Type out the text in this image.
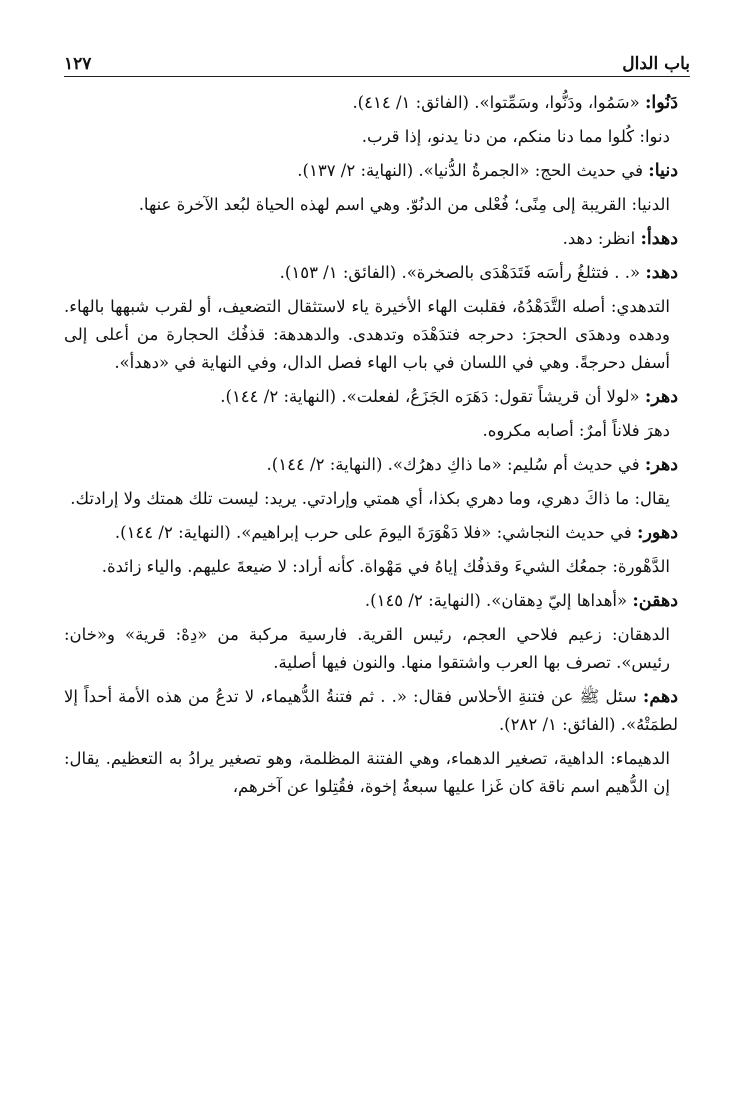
باب الدال
١٢٧

دَنُوا: «سَمُوا، ودَنُّوا، وسَمِّتوا». (الفائق: ١/ ٤١٤).

دنوا: كُلوا مما دنا منكم، من دنا يدنو، إذا قرب.

دنيا: في حديث الحج: «الجمرةُ الدُّنيا». (النهاية: ٢/ ١٣٧).

الدنيا: القريبة إلى مِنًى؛ فُعْلى من الدنُوّ. وهي اسم لهذه الحياة لبُعد الآخرة عنها.

دهدأ: انظر: دهد.

دهد: «. . فتثلغُ رأسَه فَتَدَهْدَى بالصخرة». (الفائق: ١/ ١٥٣).

التدهدي: أصله التَّدَهْدُهُ، فقلبت الهاء الأخيرة ياء لاستثقال التضعيف، أو لقرب شبهها بالهاء. ودهده ودهدَى الحجرَ: دحرجه فتدَهْدَه وتدهدى. والدهدهة: قذفُك الحجارة من أعلى إلى أسفل دحرجةً. وهي في اللسان في باب الهاء فصل الدال، وفي النهاية في «دهدأ».

دهر: «لولا أن قريشاً تقول: دَهَرَه الجَزَعُ، لفعلت». (النهاية: ٢/ ١٤٤).

دهرَ فلاناً أمرٌ: أصابه مكروه.

دهر: في حديث أم سُليم: «ما ذاكِ دهرُك». (النهاية: ٢/ ١٤٤).

يقال: ما ذاكَ دهري، وما دهري بكذا، أي همتي وإرادتي. يريد: ليست تلك همتك ولا إرادتك.

دهور: في حديث النجاشي: «فلا دَهْوَرَةَ اليومَ على حرب إبراهيم». (النهاية: ٢/ ١٤٤).

الدَّهْورة: جمعُك الشيءَ وقذفُك إياهُ في مَهْواة. كأنه أراد: لا ضيعةَ عليهم. والياء زائدة.

دهقن: «أهداها إليّ دِهقان». (النهاية: ٢/ ١٤٥).

الدهقان: زعيم فلاحي العجم، رئيس القرية. فارسية مركبة من «دِهْ: قرية» و«خان: رئيس». تصرف بها العرب واشتقوا منها. والنون فيها أصلية.

دهم: سئل ﷺ عن فتنةِ الأحلاس فقال: «. . ثم فتنةُ الدُّهيماء، لا تدعُ من هذه الأمة أحداً إلا لطمَتْهُ». (الفائق: ١/ ٢٨٢).

الدهيماء: الداهية، تصغير الدهماء، وهي الفتنة المظلمة، وهو تصغير يرادُ به التعظيم. يقال: إن الدُّهيم اسم ناقة كان غَزا عليها سبعةُ إخوة، فقُتِلوا عن آخرهم،
